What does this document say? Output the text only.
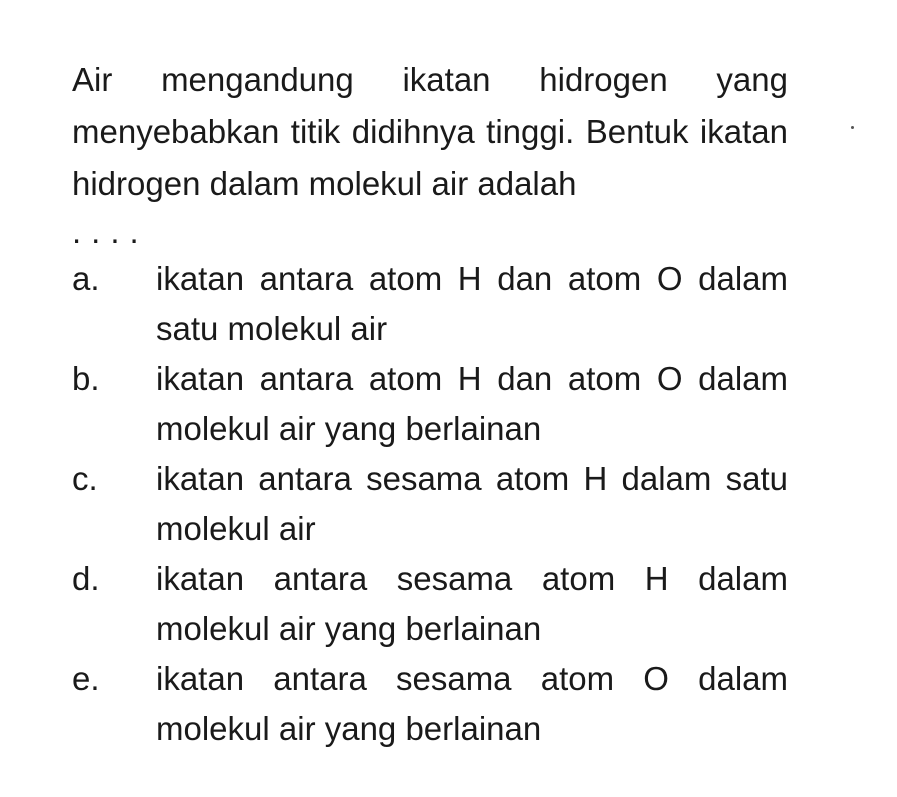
Air mengandung ikatan hidrogen yang menyebabkan titik didihnya tinggi. Bentuk ikatan hidrogen dalam molekul air adalah

....

a.	ikatan antara atom H dan atom O dalam satu molekul air
b.	ikatan antara atom H dan atom O dalam molekul air yang berlainan
c.	ikatan antara sesama atom H dalam satu molekul air
d.	ikatan antara sesama atom H dalam molekul air yang berlainan
e.	ikatan antara sesama atom O dalam molekul air yang berlainan
